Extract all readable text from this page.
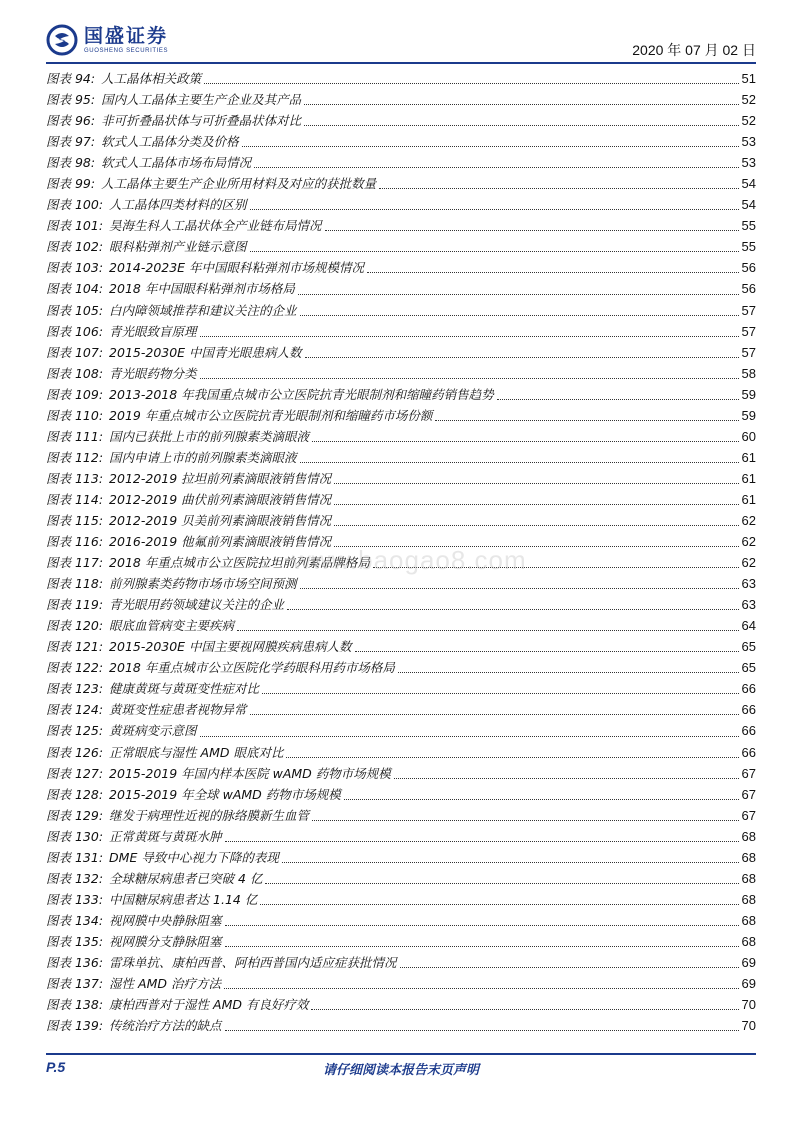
国盛证券
GUOSHENG SECURITIES	2020 年 07 月 02 日
图表 94: 人工晶体相关政策	51
图表 95: 国内人工晶体主要生产企业及其产品	52
图表 96: 非可折叠晶状体与可折叠晶状体对比	52
图表 97: 软式人工晶体分类及价格	53
图表 98: 软式人工晶体市场布局情况	53
图表 99: 人工晶体主要生产企业所用材料及对应的获批数量	54
图表 100: 人工晶体四类材料的区别	54
图表 101: 昊海生科人工晶状体全产业链布局情况	55
图表 102: 眼科粘弹剂产业链示意图	55
图表 103: 2014-2023E 年中国眼科粘弹剂市场规模情况	56
图表 104: 2018 年中国眼科粘弹剂市场格局	56
图表 105: 白内障领域推荐和建议关注的企业	57
图表 106: 青光眼致盲原理	57
图表 107: 2015-2030E 中国青光眼患病人数	57
图表 108: 青光眼药物分类	58
图表 109: 2013-2018 年我国重点城市公立医院抗青光眼制剂和缩瞳药销售趋势	59
图表 110: 2019 年重点城市公立医院抗青光眼制剂和缩瞳药市场份额	59
图表 111: 国内已获批上市的前列腺素类滴眼液	60
图表 112: 国内申请上市的前列腺素类滴眼液	61
图表 113: 2012-2019 拉坦前列素滴眼液销售情况	61
图表 114: 2012-2019 曲伏前列素滴眼液销售情况	61
图表 115: 2012-2019 贝美前列素滴眼液销售情况	62
图表 116: 2016-2019 他氟前列素滴眼液销售情况	62
图表 117: 2018 年重点城市公立医院拉坦前列素品牌格局	62
图表 118: 前列腺素类药物市场市场空间预测	63
图表 119: 青光眼用药领域建议关注的企业	63
图表 120: 眼底血管病变主要疾病	64
图表 121: 2015-2030E 中国主要视网膜疾病患病人数	65
图表 122: 2018 年重点城市公立医院化学药眼科用药市场格局	65
图表 123: 健康黄斑与黄斑变性症对比	66
图表 124: 黄斑变性症患者视物异常	66
图表 125: 黄斑病变示意图	66
图表 126: 正常眼底与湿性 AMD 眼底对比	66
图表 127: 2015-2019 年国内样本医院 wAMD 药物市场规模	67
图表 128: 2015-2019 年全球 wAMD 药物市场规模	67
图表 129: 继发于病理性近视的脉络膜新生血管	67
图表 130: 正常黄斑与黄斑水肿	68
图表 131: DME 导致中心视力下降的表现	68
图表 132: 全球糖尿病患者已突破 4 亿	68
图表 133: 中国糖尿病患者达 1.14 亿	68
图表 134: 视网膜中央静脉阻塞	68
图表 135: 视网膜分支静脉阻塞	68
图表 136: 雷珠单抗、康柏西普、阿柏西普国内适应症获批情况	69
图表 137: 湿性 AMD 治疗方法	69
图表 138: 康柏西普对于湿性 AMD 有良好疗效	70
图表 139: 传统治疗方法的缺点	70
www.baogao8.com
P.5	请仔细阅读本报告末页声明
